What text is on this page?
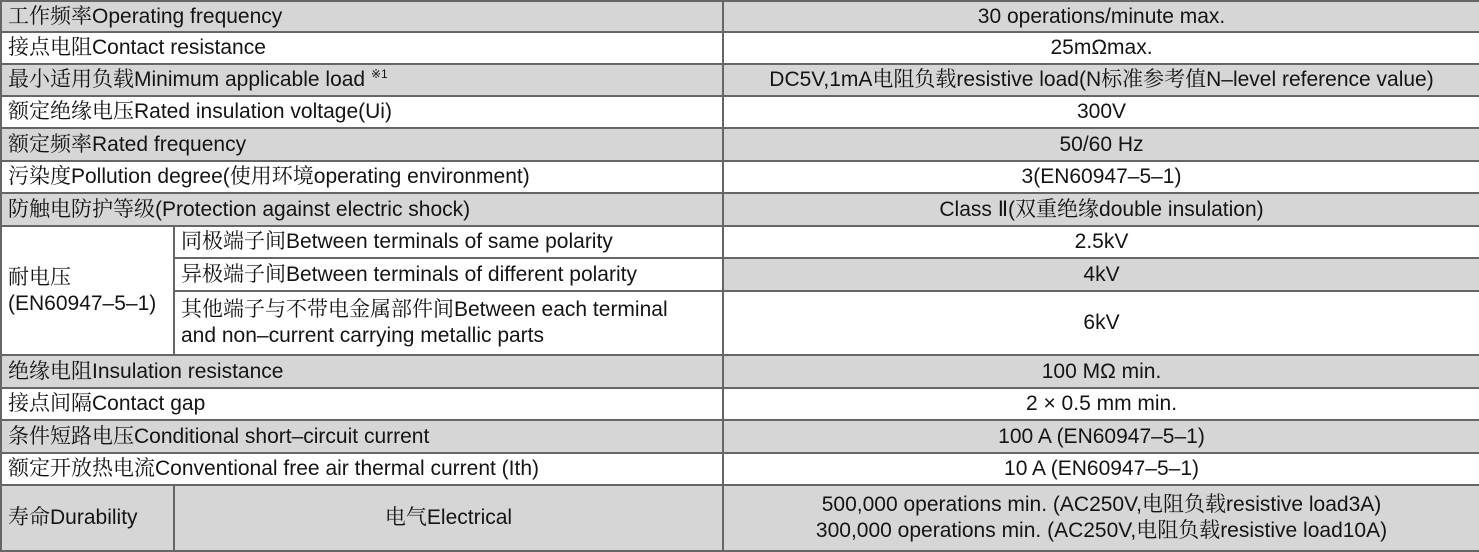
工作频率Operating frequency		30 operations/minute max.
接点电阻Contact resistance		25mΩmax.
最小适用负载Minimum applicable load $^{※1}$		DC5V,1mA电阻负载resistive load(N标准参考值N–level reference value)
额定绝缘电压Rated insulation voltage(Ui)		300V
额定频率Rated frequency		50/60 Hz
污染度Pollution degree(使用环境operating environment)		3(EN60947–5–1)
防触电防护等级(Protection against electric shock)		Class Ⅱ(双重绝缘double insulation)

耐电压
(EN60947–5–1)	同极端子间Between terminals of same polarity	2.5kV
	异极端子间Between terminals of different polarity	4kV

	其他端子与不带电金属部件间Between each terminal
and non–current carrying metallic parts	6kV
绝缘电阻Insulation resistance		100 MΩ min.
接点间隔Contact gap		2 × 0.5 mm min.
条件短路电压Conditional short–circuit current		100 A (EN60947–5–1)
额定开放热电流Conventional free air thermal current (Ith)		10 A (EN60947–5–1)
寿命Durability	电气Electrical	500,000 operations min. (AC250V,电阻负载resistive load3A)
300,000 operations min. (AC250V,电阻负载resistive load10A)
